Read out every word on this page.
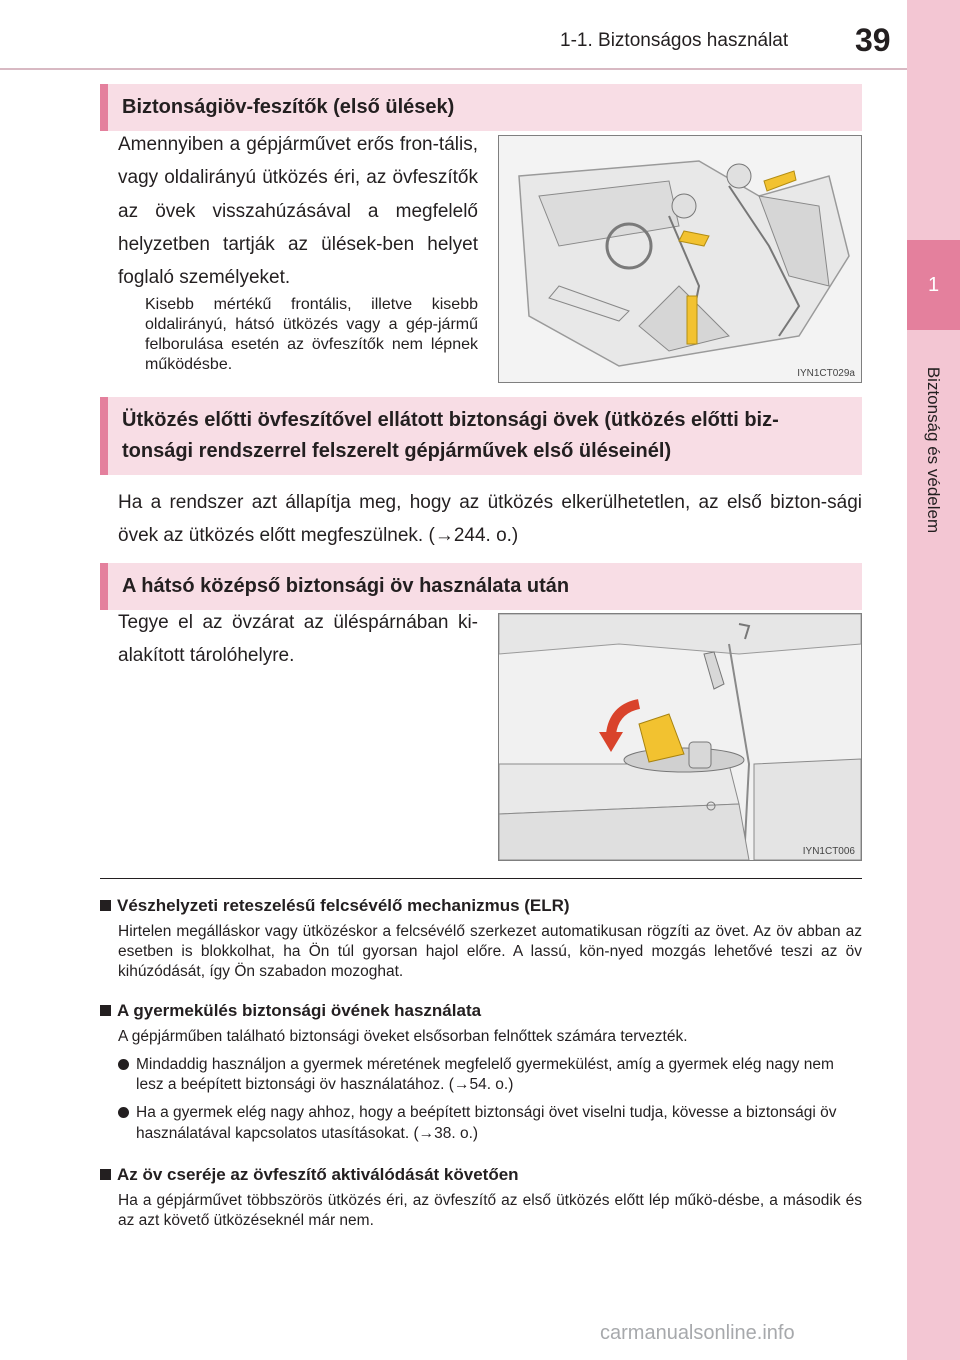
1-1. Biztonságos használat 39
1
Biztonság és védelem
Biztonságiöv-feszítők (első ülések)
Amennyiben a gépjárművet erős fron-tális, vagy oldalirányú ütközés éri, az övfeszítők az övek visszahúzásával a megfelelő helyzetben tartják az ülések-ben helyet foglaló személyeket.
Kisebb mértékű frontális, illetve kisebb oldalirányú, hátsó ütközés vagy a gép-jármű felborulása esetén az övfeszítők nem lépnek működésbe.
IYN1CT029a
Ütközés előtti övfeszítővel ellátott biztonsági övek (ütközés előtti biz-tonsági rendszerrel felszerelt gépjárművek első üléseinél)
Ha a rendszer azt állapítja meg, hogy az ütközés elkerülhetetlen, az első bizton-sági övek az ütközés előtt megfeszülnek. (→244. o.)
A hátsó középső biztonsági öv használata után
Tegye el az övzárat az üléspárnában ki-alakított tárolóhelyre.
IYN1CT006
Vészhelyzeti reteszelésű felcsévélő mechanizmus (ELR)
Hirtelen megálláskor vagy ütközéskor a felcsévélő szerkezet automatikusan rögzíti az övet. Az öv abban az esetben is blokkolhat, ha Ön túl gyorsan hajol előre. A lassú, kön-nyed mozgás lehetővé teszi az öv kihúzódását, így Ön szabadon mozoghat.
A gyermekülés biztonsági övének használata
A gépjárműben található biztonsági öveket elsősorban felnőttek számára tervezték.
Mindaddig használjon a gyermek méretének megfelelő gyermekülést, amíg a gyermek elég nagy nem lesz a beépített biztonsági öv használatához. (→54. o.)
Ha a gyermek elég nagy ahhoz, hogy a beépített biztonsági övet viselni tudja, kövesse a biztonsági öv használatával kapcsolatos utasításokat. (→38. o.)
Az öv cseréje az övfeszítő aktiválódását követően
Ha a gépjárművet többszörös ütközés éri, az övfeszítő az első ütközés előtt lép műkö-désbe, a második és az azt követő ütközéseknél már nem.
carmanualsonline.info
